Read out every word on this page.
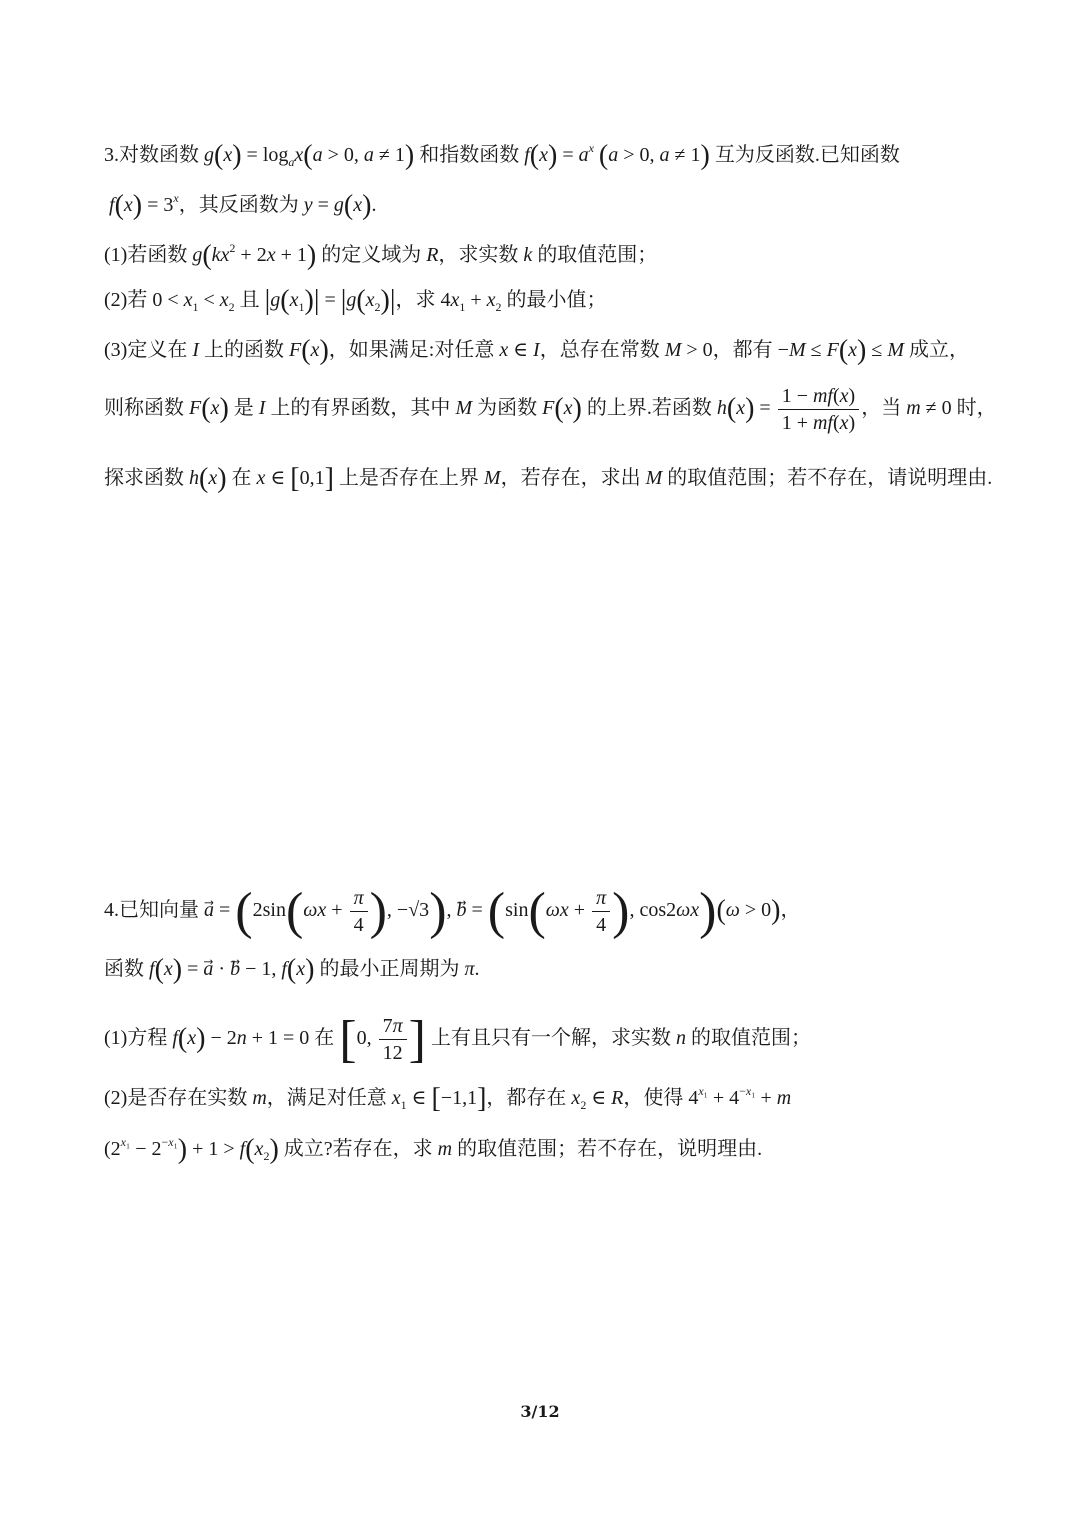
3.对数函数 $g(x) = \log_ax(a > 0$, a ≠ 1) 和指数函数 $f(x) = a^x$ (a > 0, a ≠ 1) 互为反函数.已知函数
$f(x) = 3^x$，其反函数为 y = g(x).
(1)若函数 $g(kx^2 + 2x + 1)$ 的定义域为 R，求实数 k 的取值范围；
(2)若 $0 < x_1 < x_2$ 且 $|g(x_1)| = |g(x_2)|$，求 $4x_1 + x_2$ 的最小值；
(3)定义在 I 上的函数 F(x)，如果满足:对任意 x ∈ I，总存在常数 M > 0，都有 −M ≤ F(x) ≤ M 成立，
则称函数 F(x) 是 I 上的有界函数，其中 M 为函数 F(x) 的上界.若函数 $h(x) = \frac{1 - mf(x)}{1 + mf(x)}$ ，当 m ≠ 0 时，
探求函数 h(x) 在 x ∈ [0,1] 上是否存在上界 M，若存在，求出 M 的取值范围；若不存在，请说明理由.
4.已知向量 a⃗ = ($2\sin(\omega x + \frac{\pi}{4}$ ), −√3), b⃗ = ($\sin(\omega x + \frac{\pi}{4}$ ), cos2ωx)(ω > 0)，
函数 f(x) = a⃗ · b⃗ − 1, f(x) 的最小正周期为 π.
(1)方程 f(x) − 2n + 1 = 0 在 [0, $\frac{7\pi}{12}$ ] 上有且只有一个解，求实数 n 的取值范围；
(2)是否存在实数 m，满足对任意 $x_1$ ∈ [−1,1]，都存在 $x_2$ ∈ R，使得 $4^{x_1} + 4^{-x_1} + m$
$(2^{x_1} - 2^{-x_1}) + 1 > f(x_2)$ 成立?若存在，求 m 的取值范围；若不存在，说明理由.
3/12
